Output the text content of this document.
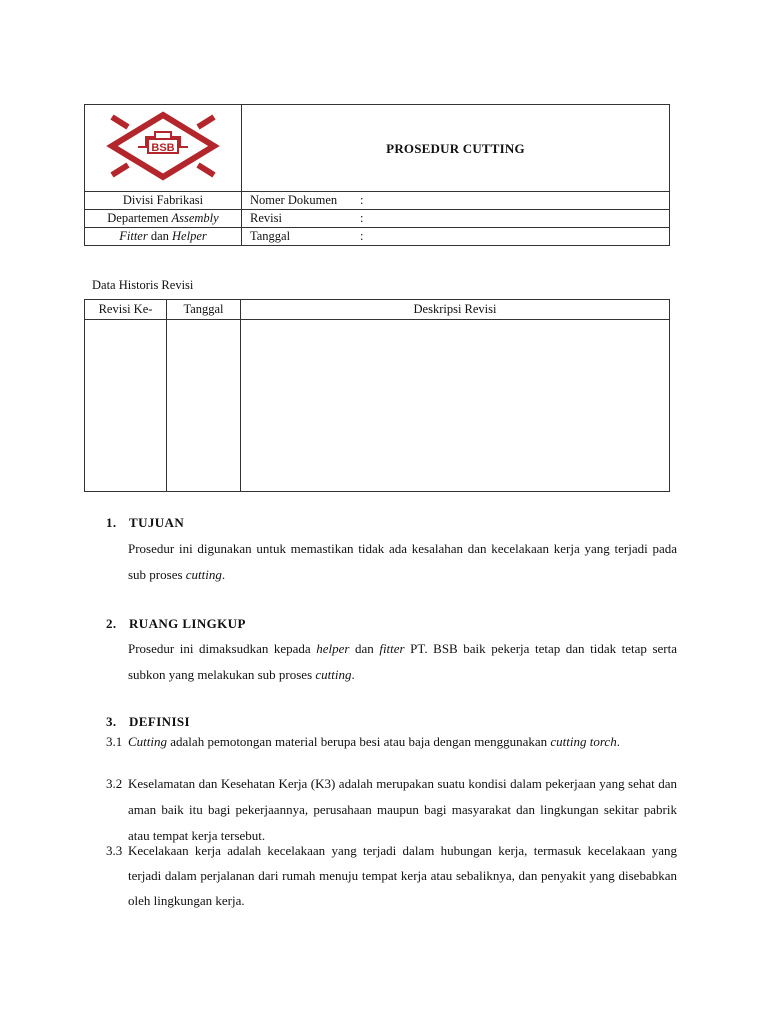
BSB	PROSEDUR CUTTING
Divisi Fabrikasi	Nomer Dokumen :
Departemen Assembly	Revisi :
Fitter dan Helper	Tanggal :
Data Historis Revisi
Revisi Ke-	Tanggal	Deskripsi Revisi

1. TUJUAN
Prosedur ini digunakan untuk memastikan tidak ada kesalahan dan kecelakaan kerja yang terjadi pada sub proses cutting.
2. RUANG LINGKUP
Prosedur ini dimaksudkan kepada helper dan fitter PT. BSB baik pekerja tetap dan tidak tetap serta subkon yang melakukan sub proses cutting.
3. DEFINISI
3.1 Cutting adalah pemotongan material berupa besi atau baja dengan menggunakan cutting torch.
3.2 Keselamatan dan Kesehatan Kerja (K3) adalah merupakan suatu kondisi dalam pekerjaan yang sehat dan aman baik itu bagi pekerjaannya, perusahaan maupun bagi masyarakat dan lingkungan sekitar pabrik atau tempat kerja tersebut.
3.3 Kecelakaan kerja adalah kecelakaan yang terjadi dalam hubungan kerja, termasuk kecelakaan yang terjadi dalam perjalanan dari rumah menuju tempat kerja atau sebaliknya, dan penyakit yang disebabkan oleh lingkungan kerja.
